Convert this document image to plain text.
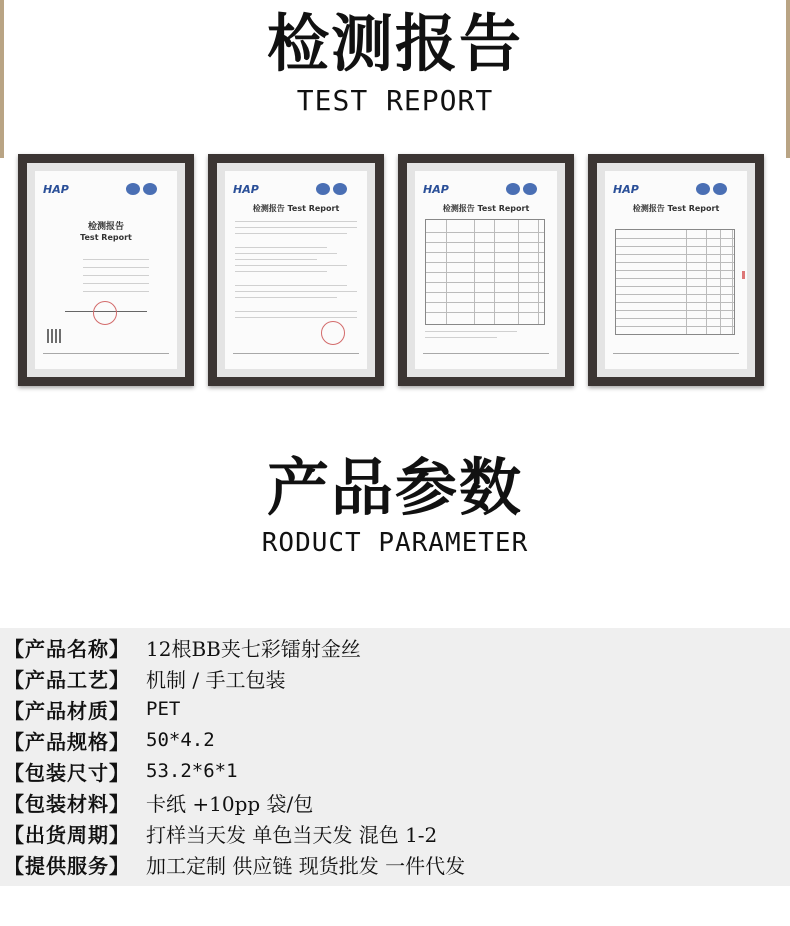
检测报告
TEST REPORT
HAP
检测报告
Test Report
HAP
检测报告 Test Report
HAP
检测报告 Test Report
HAP
检测报告 Test Report
产品参数
RODUCT PARAMETER
【产品名称】 12根BB夹七彩镭射金丝
【产品工艺】 机制 / 手工包装
【产品材质】 PET
【产品规格】 50*4.2
【包装尺寸】 53.2*6*1
【包装材料】 卡纸 +10pp 袋/包
【出货周期】 打样当天发 单色当天发 混色 1-2
【提供服务】 加工定制 供应链 现货批发 一件代发
